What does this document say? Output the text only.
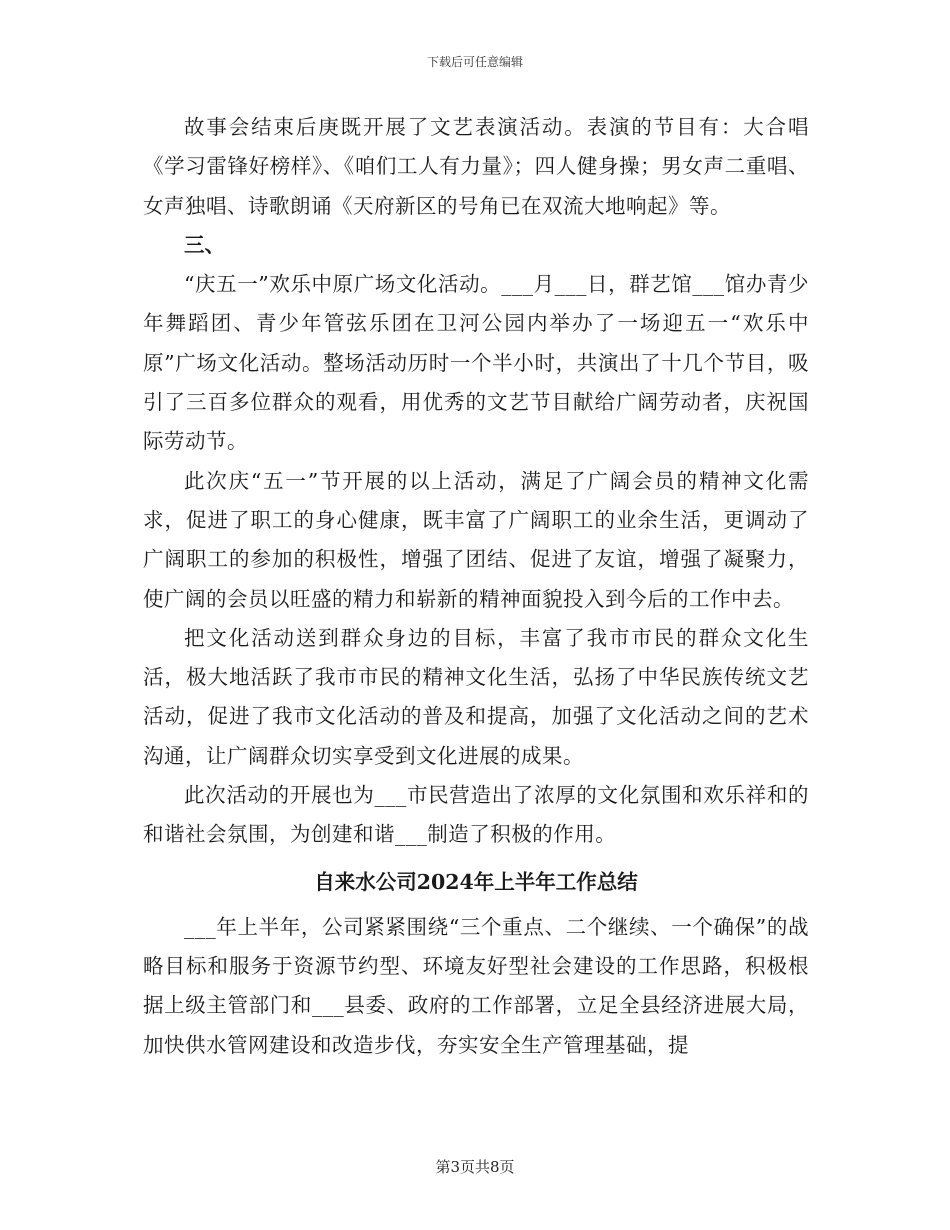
下载后可任意编辑

故事会结束后庚既开展了文艺表演活动。表演的节目有：大合唱《学习雷锋好榜样》、《咱们工人有力量》；四人健身操；男女声二重唱、女声独唱、诗歌朗诵《天府新区的号角已在双流大地响起》等。

三、

“庆五一”欢乐中原广场文化活动。___月___日，群艺馆___馆办青少年舞蹈团、青少年管弦乐团在卫河公园内举办了一场迎五一“欢乐中原”广场文化活动。整场活动历时一个半小时，共演出了十几个节目，吸引了三百多位群众的观看，用优秀的文艺节目献给广阔劳动者，庆祝国际劳动节。

此次庆“五一”节开展的以上活动，满足了广阔会员的精神文化需求，促进了职工的身心健康，既丰富了广阔职工的业余生活，更调动了广阔职工的参加的积极性，增强了团结、促进了友谊，增强了凝聚力，使广阔的会员以旺盛的精力和崭新的精神面貌投入到今后的工作中去。

把文化活动送到群众身边的目标，丰富了我市市民的群众文化生活，极大地活跃了我市市民的精神文化生活，弘扬了中华民族传统文艺活动，促进了我市文化活动的普及和提高，加强了文化活动之间的艺术沟通，让广阔群众切实享受到文化进展的成果。

此次活动的开展也为___市民营造出了浓厚的文化氛围和欢乐祥和的和谐社会氛围，为创建和谐___制造了积极的作用。

自来水公司2024年上半年工作总结

___年上半年，公司紧紧围绕“三个重点、二个继续、一个确保”的战略目标和服务于资源节约型、环境友好型社会建设的工作思路，积极根据上级主管部门和___县委、政府的工作部署，立足全县经济进展大局，加快供水管网建设和改造步伐，夯实安全生产管理基础，提

第3页共8页
